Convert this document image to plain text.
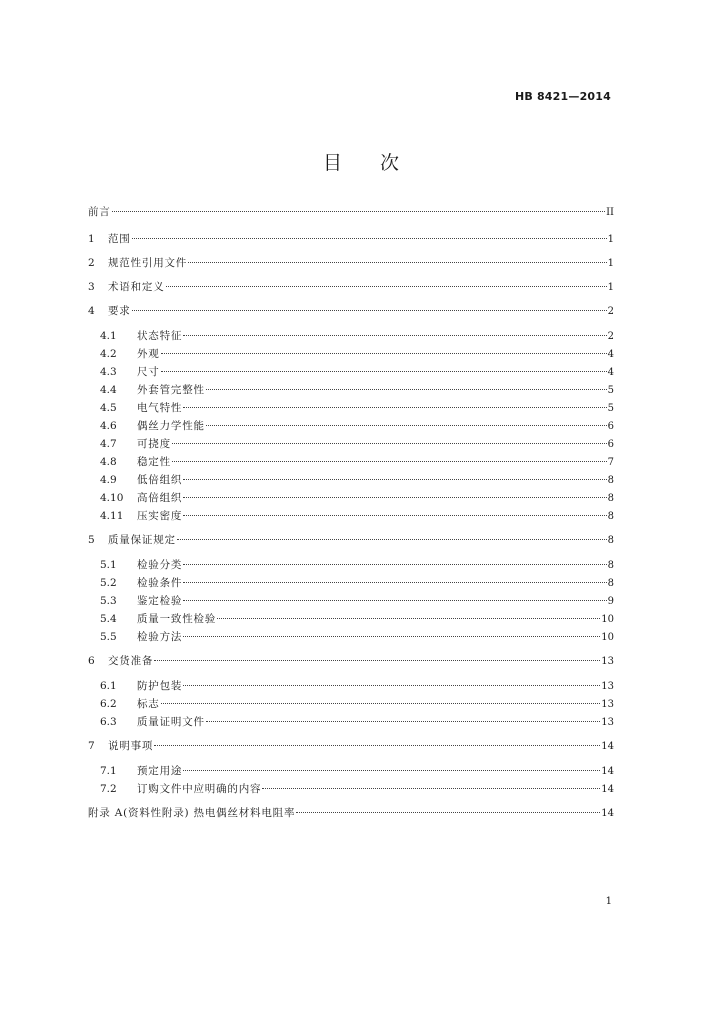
HB 8421—2014
目次
前言	II
1	范围	1
2	规范性引用文件	1
3	术语和定义	1
4	要求	2
4.1	状态特征	2
4.2	外观	4
4.3	尺寸	4
4.4	外套管完整性	5
4.5	电气特性	5
4.6	偶丝力学性能	6
4.7	可挠度	6
4.8	稳定性	7
4.9	低倍组织	8
4.10	高倍组织	8
4.11	压实密度	8
5	质量保证规定	8
5.1	检验分类	8
5.2	检验条件	8
5.3	鉴定检验	9
5.4	质量一致性检验	10
5.5	检验方法	10
6	交货准备	13
6.1	防护包装	13
6.2	标志	13
6.3	质量证明文件	13
7	说明事项	14
7.1	预定用途	14
7.2	订购文件中应明确的内容	14
附录 A(资料性附录) 热电偶丝材料电阻率	14
1
